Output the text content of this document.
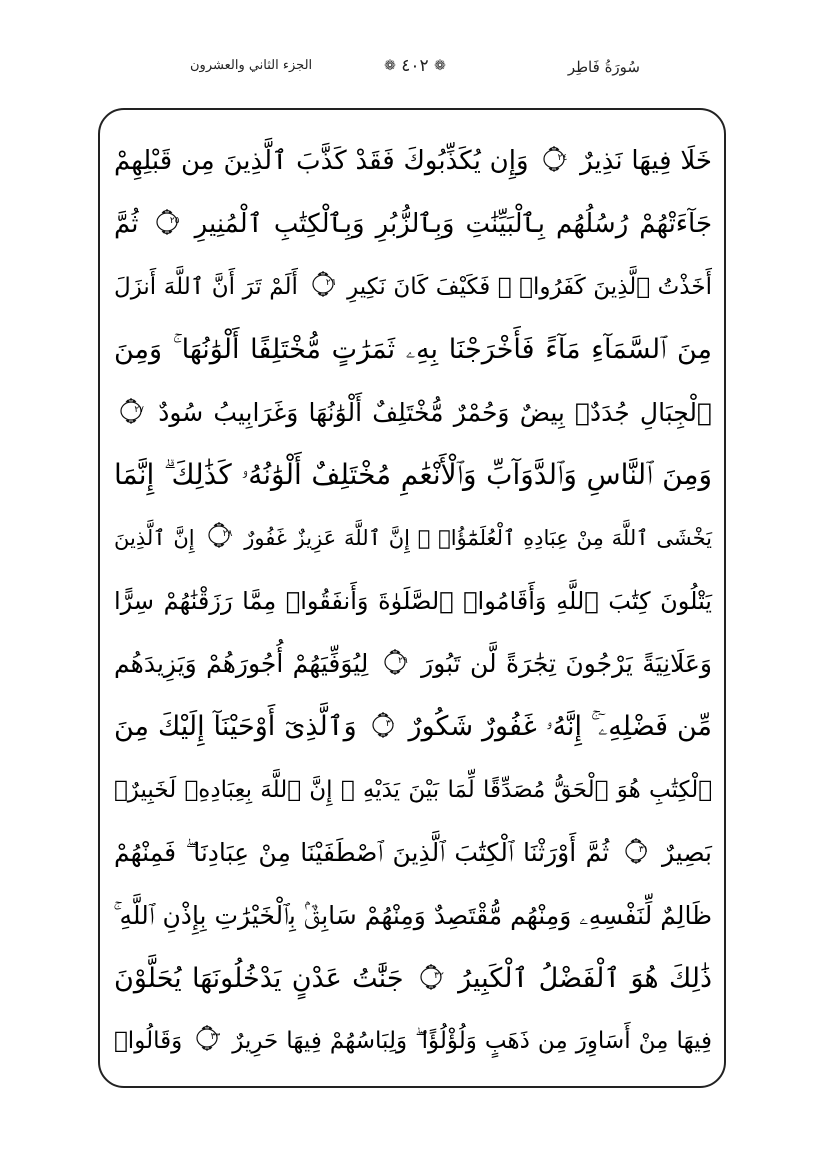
سُورَةُ فَاطِر
❁ ٤٠٢ ❁
الجزء الثاني والعشرون
خَلَا فِيهَا نَذِيرٌ
٢٤
وَإِن يُكَذِّبُوكَ فَقَدْ كَذَّبَ ٱلَّذِينَ مِن قَبْلِهِمْ
جَآءَتْهُمْ رُسُلُهُم بِٱلْبَيِّنَٰتِ وَبِٱلزُّبُرِ وَبِٱلْكِتَٰبِ ٱلْمُنِيرِ
٢٥
ثُمَّ
أَخَذْتُ ٱلَّذِينَ كَفَرُوا۟ ۖ فَكَيْفَ كَانَ نَكِيرِ
٢٦
أَلَمْ تَرَ أَنَّ ٱللَّهَ أَنزَلَ
مِنَ ٱلسَّمَآءِ مَآءً فَأَخْرَجْنَا بِهِۦ ثَمَرَٰتٍ مُّخْتَلِفًا أَلْوَٰنُهَا ۚ وَمِنَ
ٱلْجِبَالِ جُدَدٌۢ بِيضٌ وَحُمْرٌ مُّخْتَلِفٌ أَلْوَٰنُهَا وَغَرَابِيبُ سُودٌ
٢٧
وَمِنَ ٱلنَّاسِ وَٱلدَّوَآبِّ وَٱلْأَنْعَٰمِ مُخْتَلِفٌ أَلْوَٰنُهُۥ كَذَٰلِكَ ۗ إِنَّمَا
يَخْشَى ٱللَّهَ مِنْ عِبَادِهِ ٱلْعُلَمَٰٓؤُا۟ ۗ إِنَّ ٱللَّهَ عَزِيزٌ غَفُورٌ
٢٨
إِنَّ ٱلَّذِينَ
يَتْلُونَ كِتَٰبَ ٱللَّهِ وَأَقَامُوا۟ ٱلصَّلَوٰةَ وَأَنفَقُوا۟ مِمَّا رَزَقْنَٰهُمْ سِرًّا
وَعَلَانِيَةً يَرْجُونَ تِجَٰرَةً لَّن تَبُورَ
٢٩
لِيُوَفِّيَهُمْ أُجُورَهُمْ وَيَزِيدَهُم
مِّن فَضْلِهِۦٓ ۚ إِنَّهُۥ غَفُورٌ شَكُورٌ
٣٠
وَٱلَّذِىٓ أَوْحَيْنَآ إِلَيْكَ مِنَ
ٱلْكِتَٰبِ هُوَ ٱلْحَقُّ مُصَدِّقًا لِّمَا بَيْنَ يَدَيْهِ ۗ إِنَّ ٱللَّهَ بِعِبَادِهِۦ لَخَبِيرٌۢ
بَصِيرٌ
٣١
ثُمَّ أَوْرَثْنَا ٱلْكِتَٰبَ ٱلَّذِينَ ٱصْطَفَيْنَا مِنْ عِبَادِنَا ۖ فَمِنْهُمْ
ظَالِمٌ لِّنَفْسِهِۦ وَمِنْهُم مُّقْتَصِدٌ وَمِنْهُمْ سَابِقٌۢ بِٱلْخَيْرَٰتِ بِإِذْنِ ٱللَّهِ ۚ
ذَٰلِكَ هُوَ ٱلْفَضْلُ ٱلْكَبِيرُ
٣٢
جَنَّٰتُ عَدْنٍ يَدْخُلُونَهَا يُحَلَّوْنَ
فِيهَا مِنْ أَسَاوِرَ مِن ذَهَبٍ وَلُؤْلُؤًا ۖ وَلِبَاسُهُمْ فِيهَا حَرِيرٌ
٣٣
وَقَالُوا۟
